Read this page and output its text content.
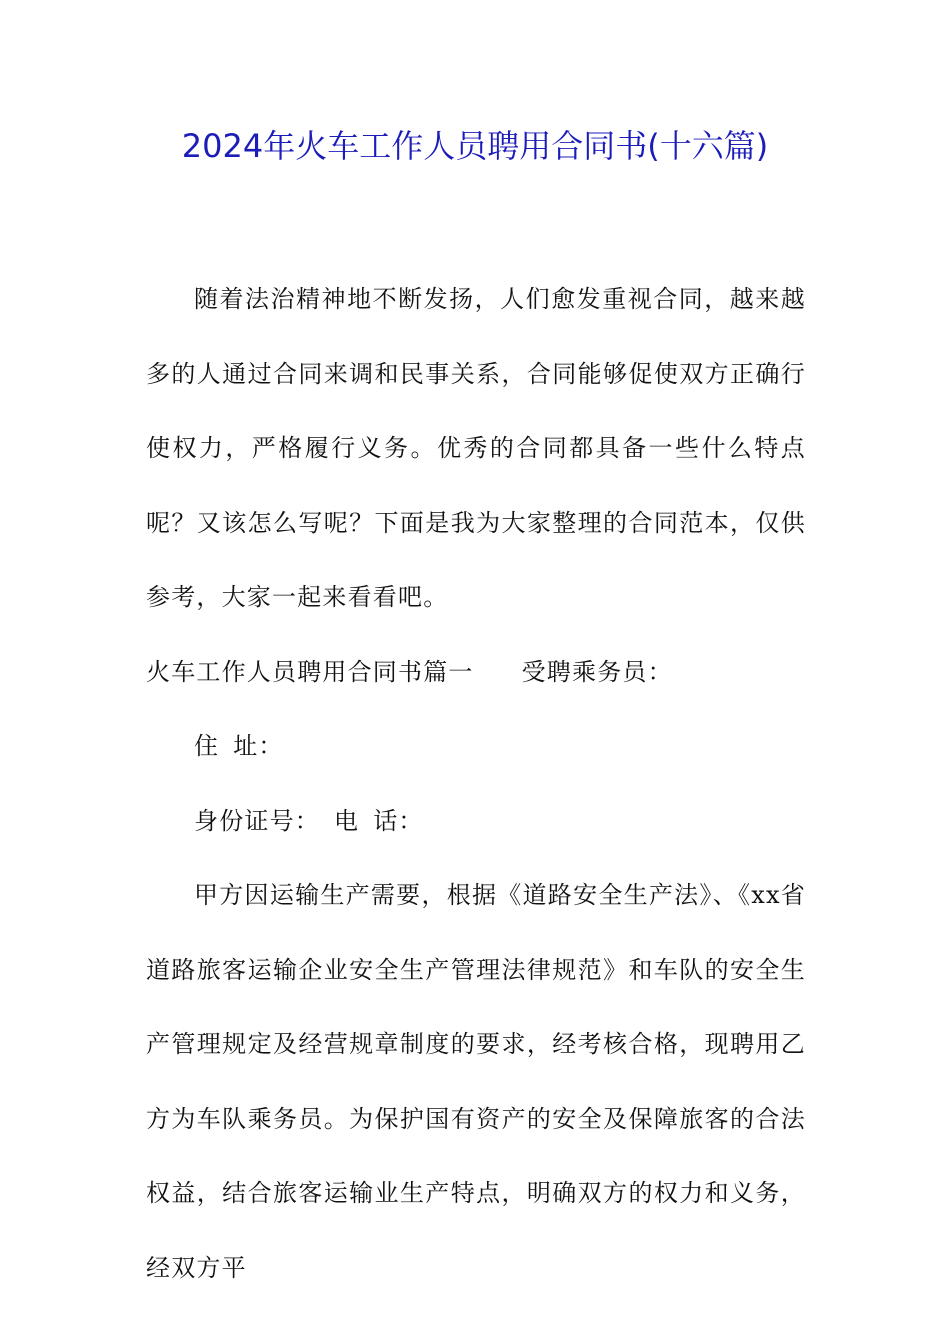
2024年火车工作人员聘用合同书(十六篇)

随着法治精神地不断发扬，人们愈发重视合同，越来越多的人通过合同来调和民事关系，合同能够促使双方正确行使权力，严格履行义务。优秀的合同都具备一些什么特点呢？又该怎么写呢？下面是我为大家整理的合同范本，仅供参考，大家一起来看看吧。

火车工作人员聘用合同书篇一 受聘乘务员：

住 址：

身份证号： 电 话：

甲方因运输生产需要，根据《道路安全生产法》、《xx省道路旅客运输企业安全生产管理法律规范》和车队的安全生产管理规定及经营规章制度的要求，经考核合格，现聘用乙方为车队乘务员。为保护国有资产的安全及保障旅客的合法权益，结合旅客运输业生产特点，明确双方的权力和义务，经双方平
